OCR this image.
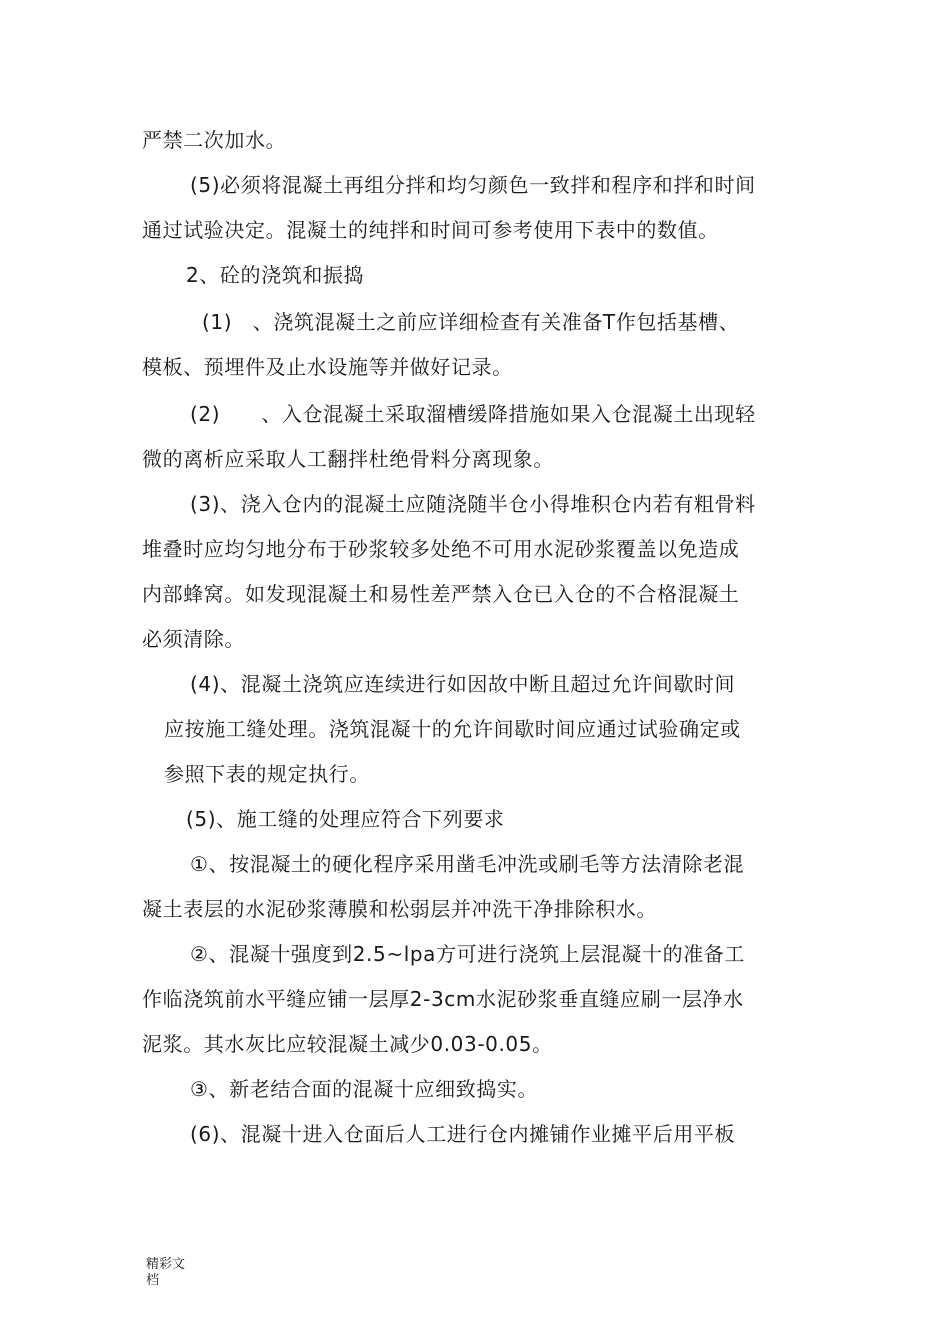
严禁二次加水。
(5)必须将混凝土再组分拌和均匀颜色一致拌和程序和拌和时间
通过试验决定。混凝土的纯拌和时间可参考使用下表中的数值。
2、砼的浇筑和振捣
(1)　、浇筑混凝土之前应详细检查有关准备T作包括基槽、
模板、预埋件及止水设施等并做好记录。
(2)　　、入仓混凝土采取溜槽缓降措施如果入仓混凝土出现轻
微的离析应采取人工翻拌杜绝骨料分离现象。
(3)、浇入仓内的混凝土应随浇随半仓小得堆积仓内若有粗骨料
堆叠时应均匀地分布于砂浆较多处绝不可用水泥砂浆覆盖以免造成
内部蜂窝。如发现混凝土和易性差严禁入仓已入仓的不合格混凝土
必须清除。
(4)、混凝土浇筑应连续进行如因故中断且超过允许间歇时间
应按施工缝处理。浇筑混凝十的允许间歇时间应通过试验确定或
参照下表的规定执行。
(5)、施工缝的处理应符合下列要求
①、按混凝土的硬化程序采用凿毛冲洗或刷毛等方法清除老混
凝土表层的水泥砂浆薄膜和松弱层并冲洗干净排除积水。
②、混凝十强度到2.5~lpa方可进行浇筑上层混凝十的准备工
作临浇筑前水平缝应铺一层厚2-3cm水泥砂浆垂直缝应刷一层净水
泥浆。其水灰比应较混凝土减少0.03-0.05。
③、新老结合面的混凝十应细致捣实。
(6)、混凝十进入仓面后人工进行仓内摊铺作业摊平后用平板
精彩文
档
